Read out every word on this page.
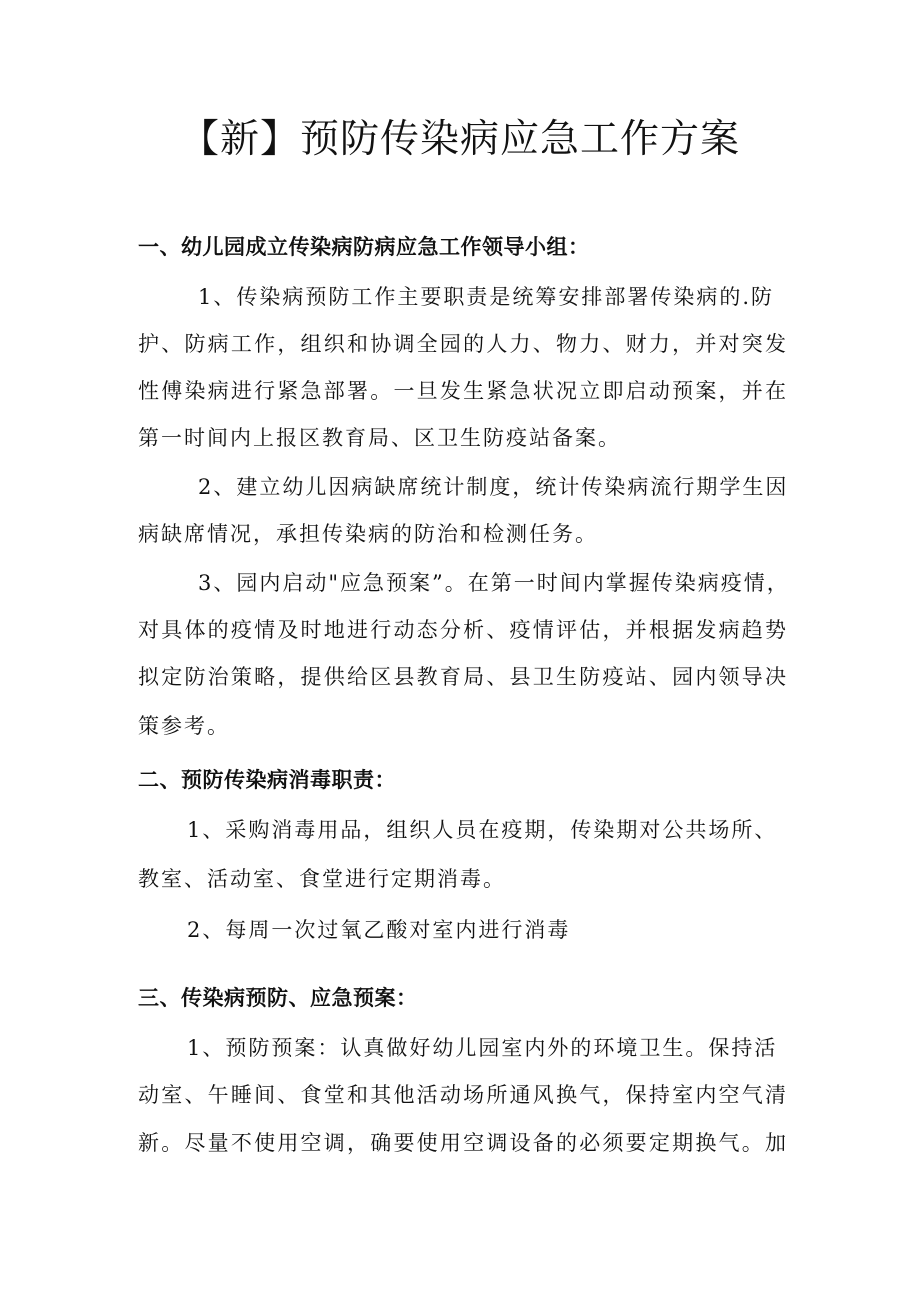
【新】预防传染病应急工作方案
一、幼儿园成立传染病防病应急工作领导小组：
1、传染病预防工作主要职责是统筹安排部署传染病的.防
护、防病工作，组织和协调全园的人力、物力、财力，并对突发
性傅染病进行紧急部署。一旦发生紧急状况立即启动预案，并在
第一时间内上报区教育局、区卫生防疫站备案。
2、建立幼儿因病缺席统计制度，统计传染病流行期学生因
病缺席情况，承担传染病的防治和检测任务。
3、园内启动"应急预案”。在第一时间内掌握传染病疫情，
对具体的疫情及时地进行动态分析、疫情评估，并根据发病趋势
拟定防治策略，提供给区县教育局、县卫生防疫站、园内领导决
策参考。
二、预防传染病消毒职责：
1、采购消毒用品，组织人员在疫期，传染期对公共场所、
教室、活动室、食堂进行定期消毒。
2、每周一次过氧乙酸对室内进行消毒
三、传染病预防、应急预案：
1、预防预案：认真做好幼儿园室内外的环境卫生。保持活
动室、午睡间、食堂和其他活动场所通风换气，保持室内空气清
新。尽量不使用空调，确要使用空调设备的必须要定期换气。加
